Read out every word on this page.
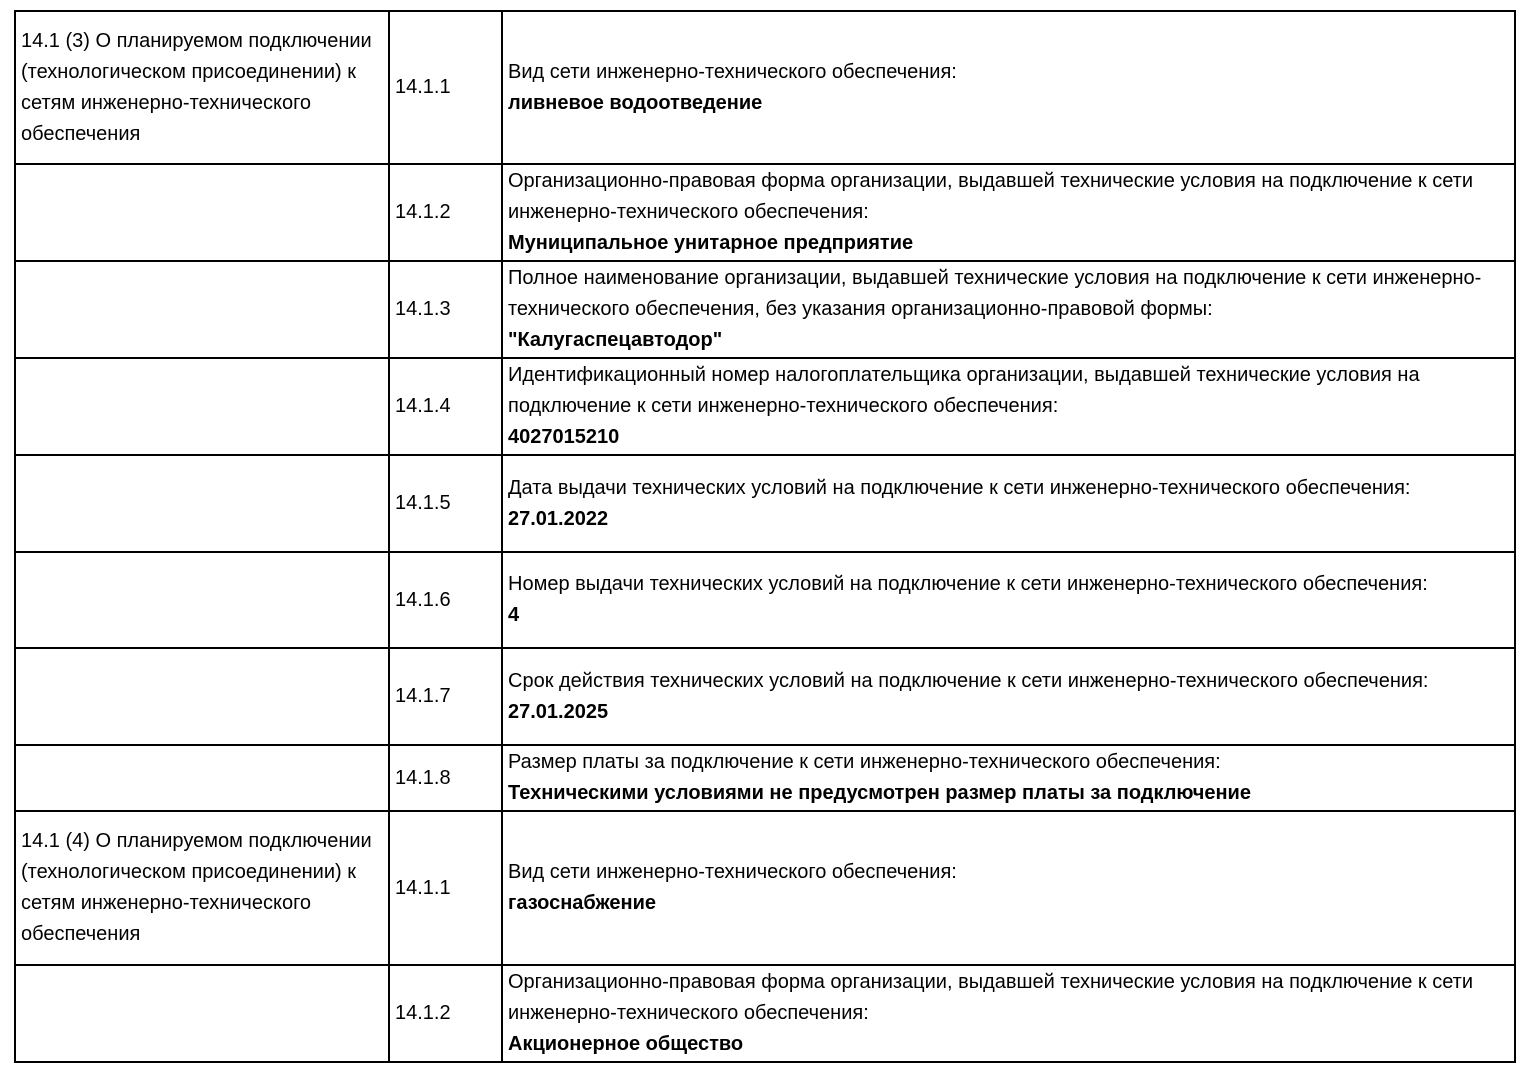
14.1 (3) О планируемом подключении (технологическом присоединении) к сетям инженерно-технического обеспечения	14.1.1	Вид сети инженерно-технического обеспечения:
ливневое водоотведение

	14.1.2	Организационно-правовая форма организации, выдавшей технические условия на подключение к сети инженерно-технического обеспечения:
Муниципальное унитарное предприятие

	14.1.3	Полное наименование организации, выдавшей технические условия на подключение к сети инженерно-технического обеспечения, без указания организационно-правовой формы:
"Калугаспецавтодор"

	14.1.4	Идентификационный номер налогоплательщика организации, выдавшей технические условия на подключение к сети инженерно-технического обеспечения:
4027015210

	14.1.5	Дата выдачи технических условий на подключение к сети инженерно-технического обеспечения:
27.01.2022

	14.1.6	Номер выдачи технических условий на подключение к сети инженерно-технического обеспечения:
4

	14.1.7	Срок действия технических условий на подключение к сети инженерно-технического обеспечения:
27.01.2025

	14.1.8	Размер платы за подключение к сети инженерно-технического обеспечения:
Техническими условиями не предусмотрен размер платы за подключение

14.1 (4) О планируемом подключении (технологическом присоединении) к сетям инженерно-технического обеспечения	14.1.1	Вид сети инженерно-технического обеспечения:
газоснабжение

	14.1.2	Организационно-правовая форма организации, выдавшей технические условия на подключение к сети инженерно-технического обеспечения:
Акционерное общество
